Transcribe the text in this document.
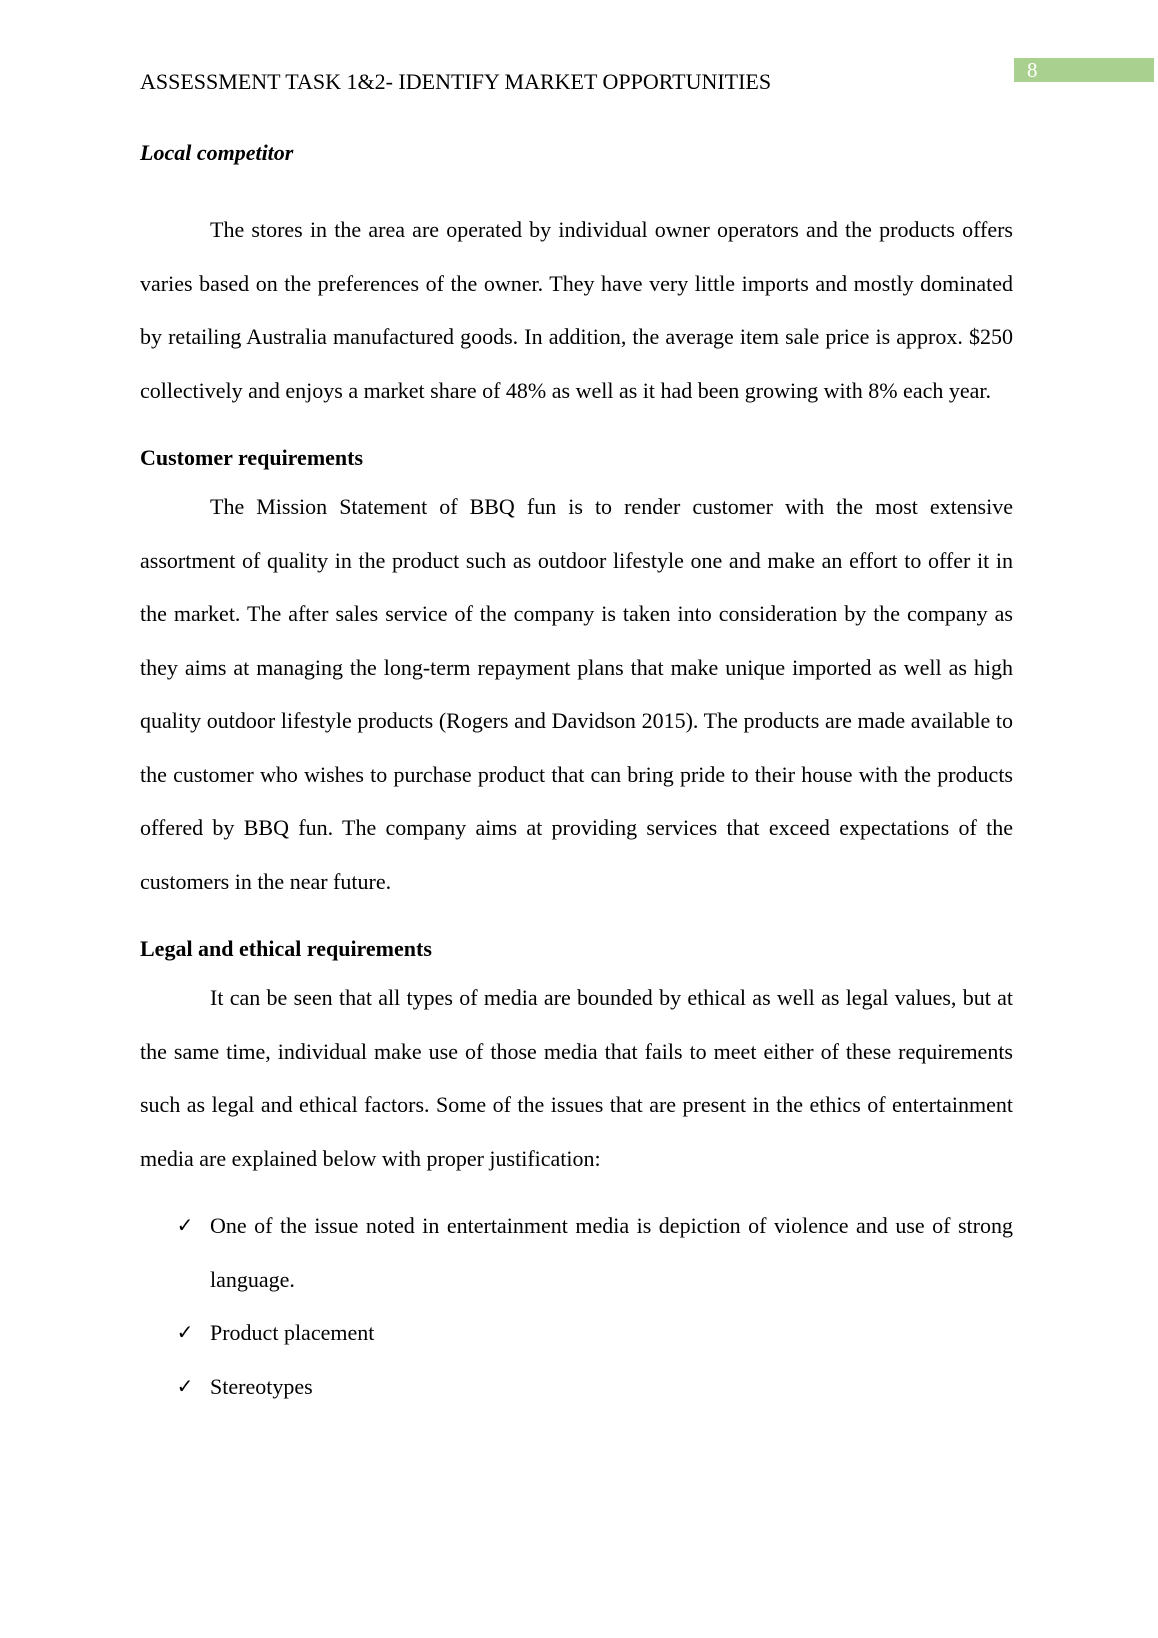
8
ASSESSMENT TASK 1&2- IDENTIFY MARKET OPPORTUNITIES

Local competitor

The stores in the area are operated by individual owner operators and the products offers varies based on the preferences of the owner. They have very little imports and mostly dominated by retailing Australia manufactured goods. In addition, the average item sale price is approx. $250 collectively and enjoys a market share of 48% as well as it had been growing with 8% each year.

Customer requirements

The Mission Statement of BBQ fun is to render customer with the most extensive assortment of quality in the product such as outdoor lifestyle one and make an effort to offer it in the market. The after sales service of the company is taken into consideration by the company as they aims at managing the long-term repayment plans that make unique imported as well as high quality outdoor lifestyle products (Rogers and Davidson 2015). The products are made available to the customer who wishes to purchase product that can bring pride to their house with the products offered by BBQ fun. The company aims at providing services that exceed expectations of the customers in the near future.

Legal and ethical requirements

It can be seen that all types of media are bounded by ethical as well as legal values, but at the same time, individual make use of those media that fails to meet either of these requirements such as legal and ethical factors. Some of the issues that are present in the ethics of entertainment media are explained below with proper justification:

✓ One of the issue noted in entertainment media is depiction of violence and use of strong language.
✓ Product placement
✓ Stereotypes
